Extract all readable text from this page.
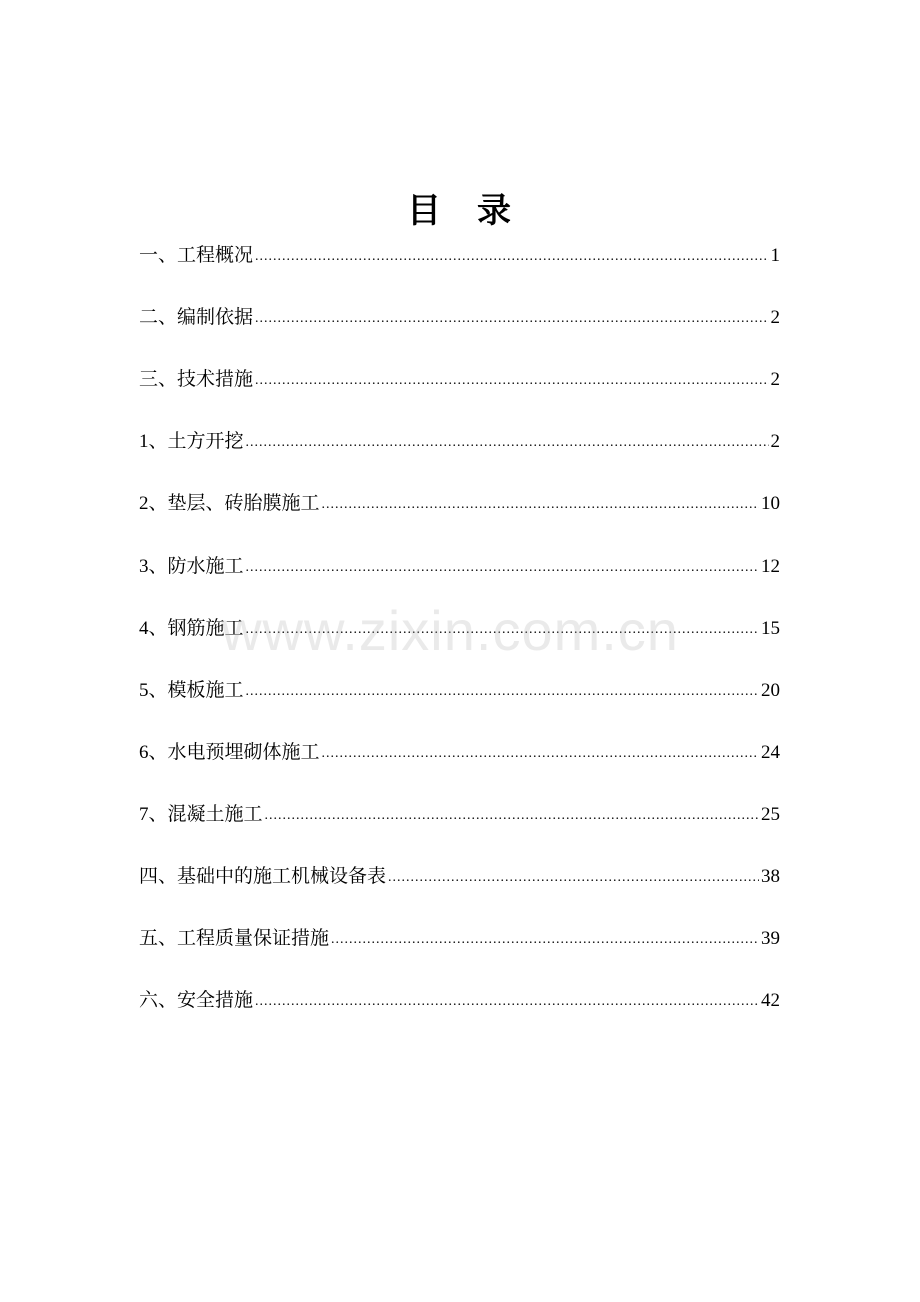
目 录
一、工程概况 .....	1
二、编制依据 .....	2
三、技术措施 .....	2
1、土方开挖 .....	2
2、垫层、砖胎膜施工 .....	10
3、防水施工 .....	12
4、钢筋施工 .....	15
5、模板施工 .....	20
6、水电预埋砌体施工 .....	24
7、混凝土施工 .....	25
四、基础中的施工机械设备表 .....	38
五、工程质量保证措施 .....	39
六、安全措施 .....	42
www.zixin.com.cn
